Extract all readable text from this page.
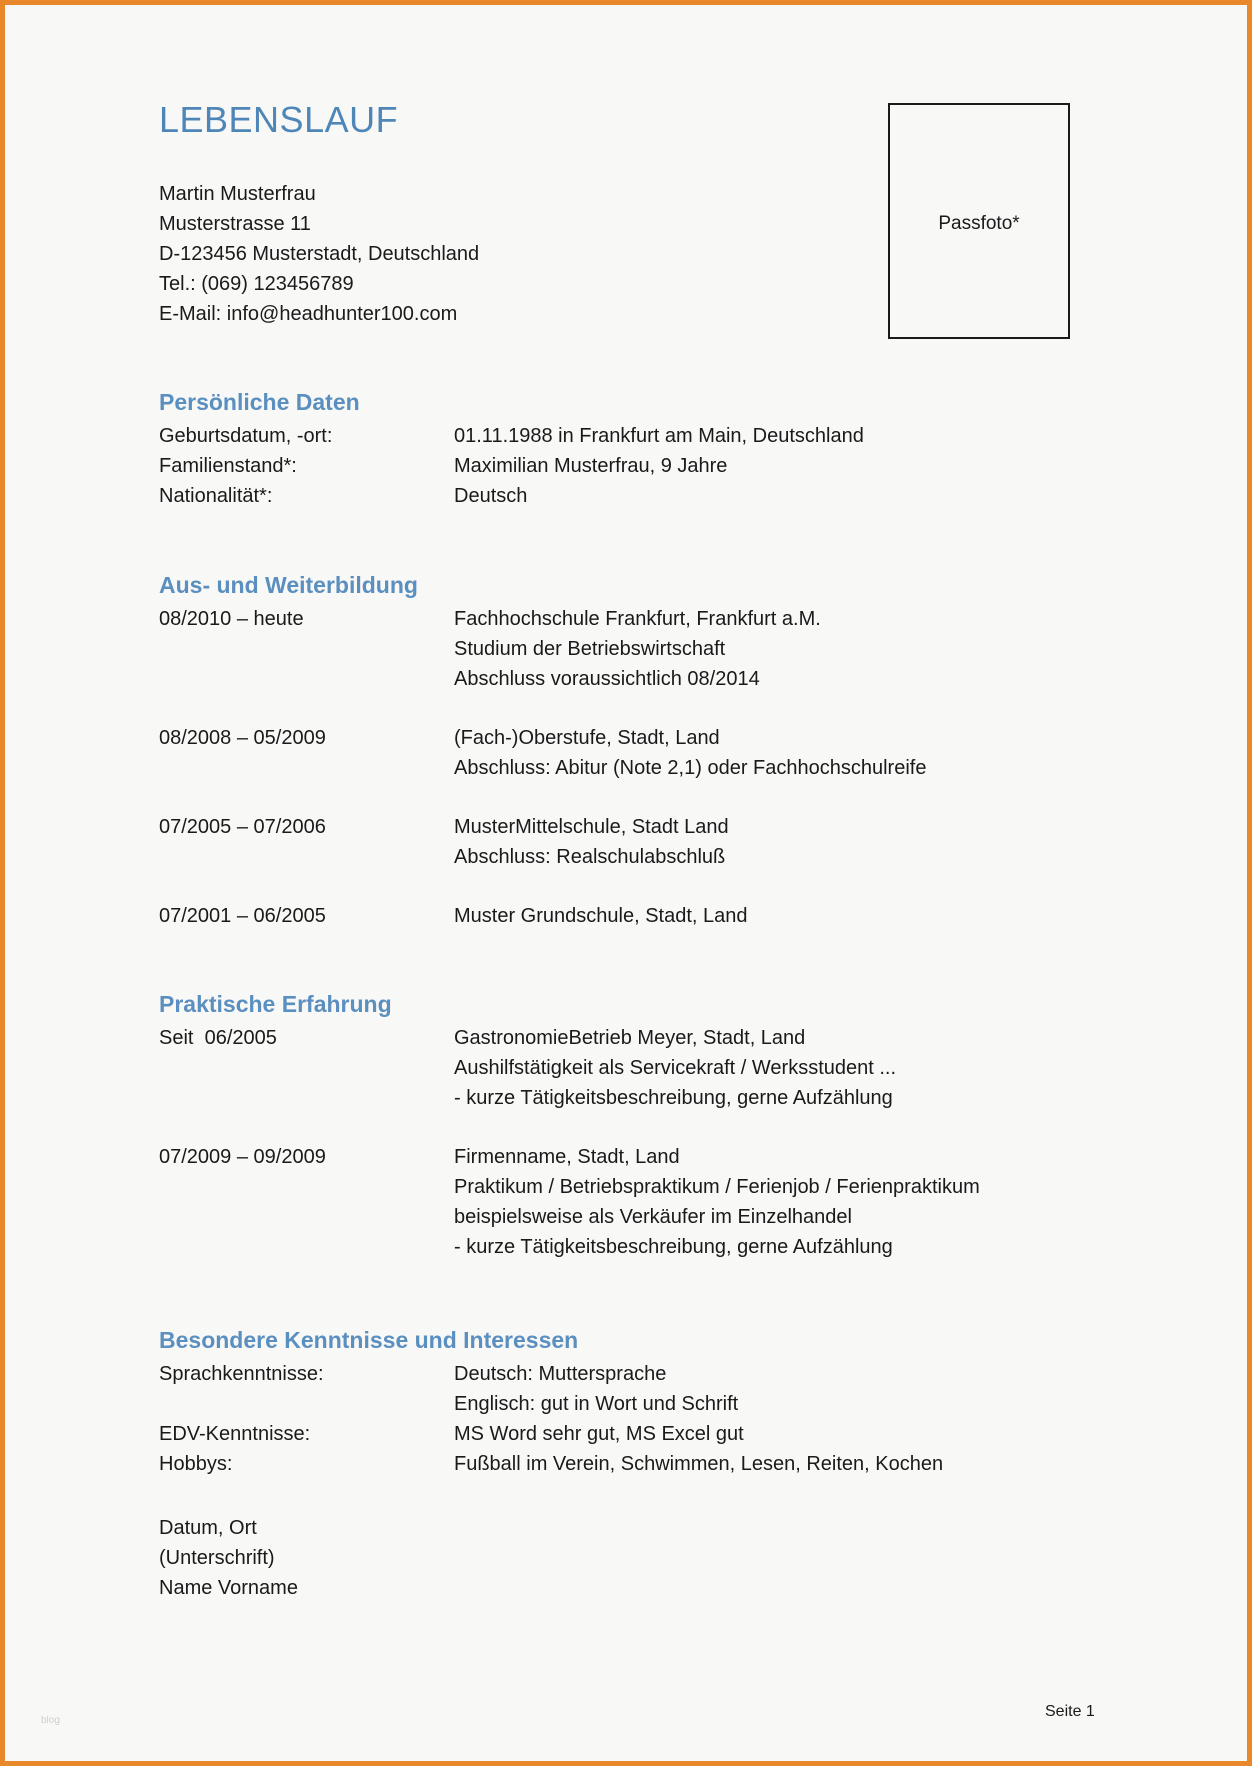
LEBENSLAUF
Martin Musterfrau
Musterstrasse 11
D-123456 Musterstadt, Deutschland
Tel.: (069) 123456789
E-Mail: info@headhunter100.com
Passfoto*
Persönliche Daten
Geburtsdatum, -ort:	01.11.1988 in Frankfurt am Main, Deutschland
Familienstand*:	Maximilian Musterfrau, 9 Jahre
Nationalität*:	Deutsch
Aus- und Weiterbildung
08/2010 – heute	Fachhochschule Frankfurt, Frankfurt a.M.
Studium der Betriebswirtschaft
Abschluss voraussichtlich 08/2014
08/2008 – 05/2009	(Fach-)Oberstufe, Stadt, Land
Abschluss: Abitur (Note 2,1) oder Fachhochschulreife
07/2005 – 07/2006	MusterMittelschule, Stadt Land
Abschluss: Realschulabschluß
07/2001 – 06/2005	Muster Grundschule, Stadt, Land
Praktische Erfahrung
Seit  06/2005	GastronomieBetrieb Meyer, Stadt, Land
Aushilfstätigkeit als Servicekraft / Werksstudent ...
- kurze Tätigkeitsbeschreibung, gerne Aufzählung
07/2009 – 09/2009	Firmenname, Stadt, Land
Praktikum / Betriebspraktikum / Ferienjob / Ferienpraktikum
beispielsweise als Verkäufer im Einzelhandel
- kurze Tätigkeitsbeschreibung, gerne Aufzählung
Besondere Kenntnisse und Interessen
Sprachkenntnisse:	Deutsch: Muttersprache
Englisch: gut in Wort und Schrift
EDV-Kenntnisse:	MS Word sehr gut, MS Excel gut
Hobbys:	Fußball im Verein, Schwimmen, Lesen, Reiten, Kochen
Datum, Ort
(Unterschrift)
Name Vorname
blog
Seite 1
